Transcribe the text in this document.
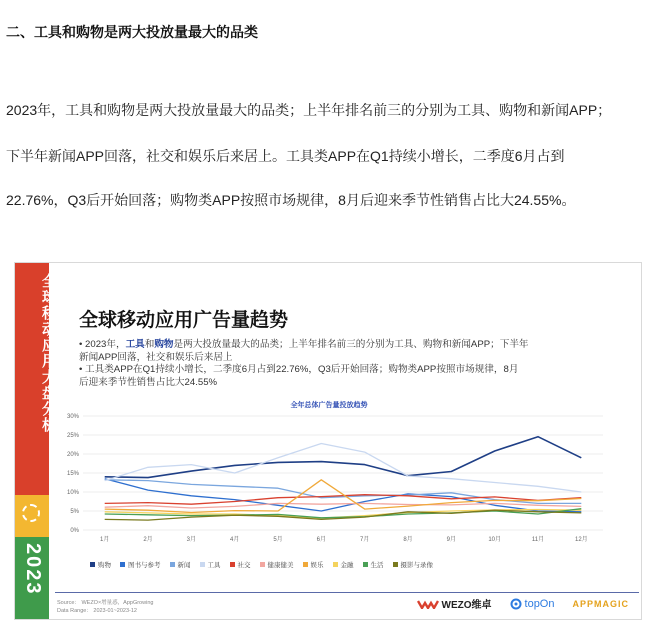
二、工具和购物是两大投放量最大的品类
2023年，工具和购物是两大投放量最大的品类；上半年排名前三的分别为工具、购物和新闻APP；
下半年新闻APP回落，社交和娱乐后来居上。工具类APP在Q1持续小增长，二季度6月占到
22.76%，Q3后开始回落；购物类APP按照市场规律，8月后迎来季节性销售占比大24.55%。
全球移动应用大盘分析
2023
全球移动应用广告量趋势

• 2023年，工具和购物是两大投放量最大的品类；上半年排名前三的分别为工具、购物和新闻APP；下半年

新闻APP回落，社交和娱乐后来居上

• 工具类APP在Q1持续小增长，二季度6月占到22.76%，Q3后开始回落；购物类APP按照市场规律，8月

后迎来季节性销售占比大24.55%

全年总体广告量投放趋势
0%
5%
10%
15%
20%
25%
30%
1月	2月	3月	4月	5月	6月	7月	8月	9月	10月	11月	12月
购物	图书与参考	新闻	工具	社交	健康健美	娱乐	金融	生活	摄影与录像
Source： WEZO×增量惑，AppGrowing
Data Range： 2023-01~2023-12	WEZO维卓	topOn APPMAGIC
